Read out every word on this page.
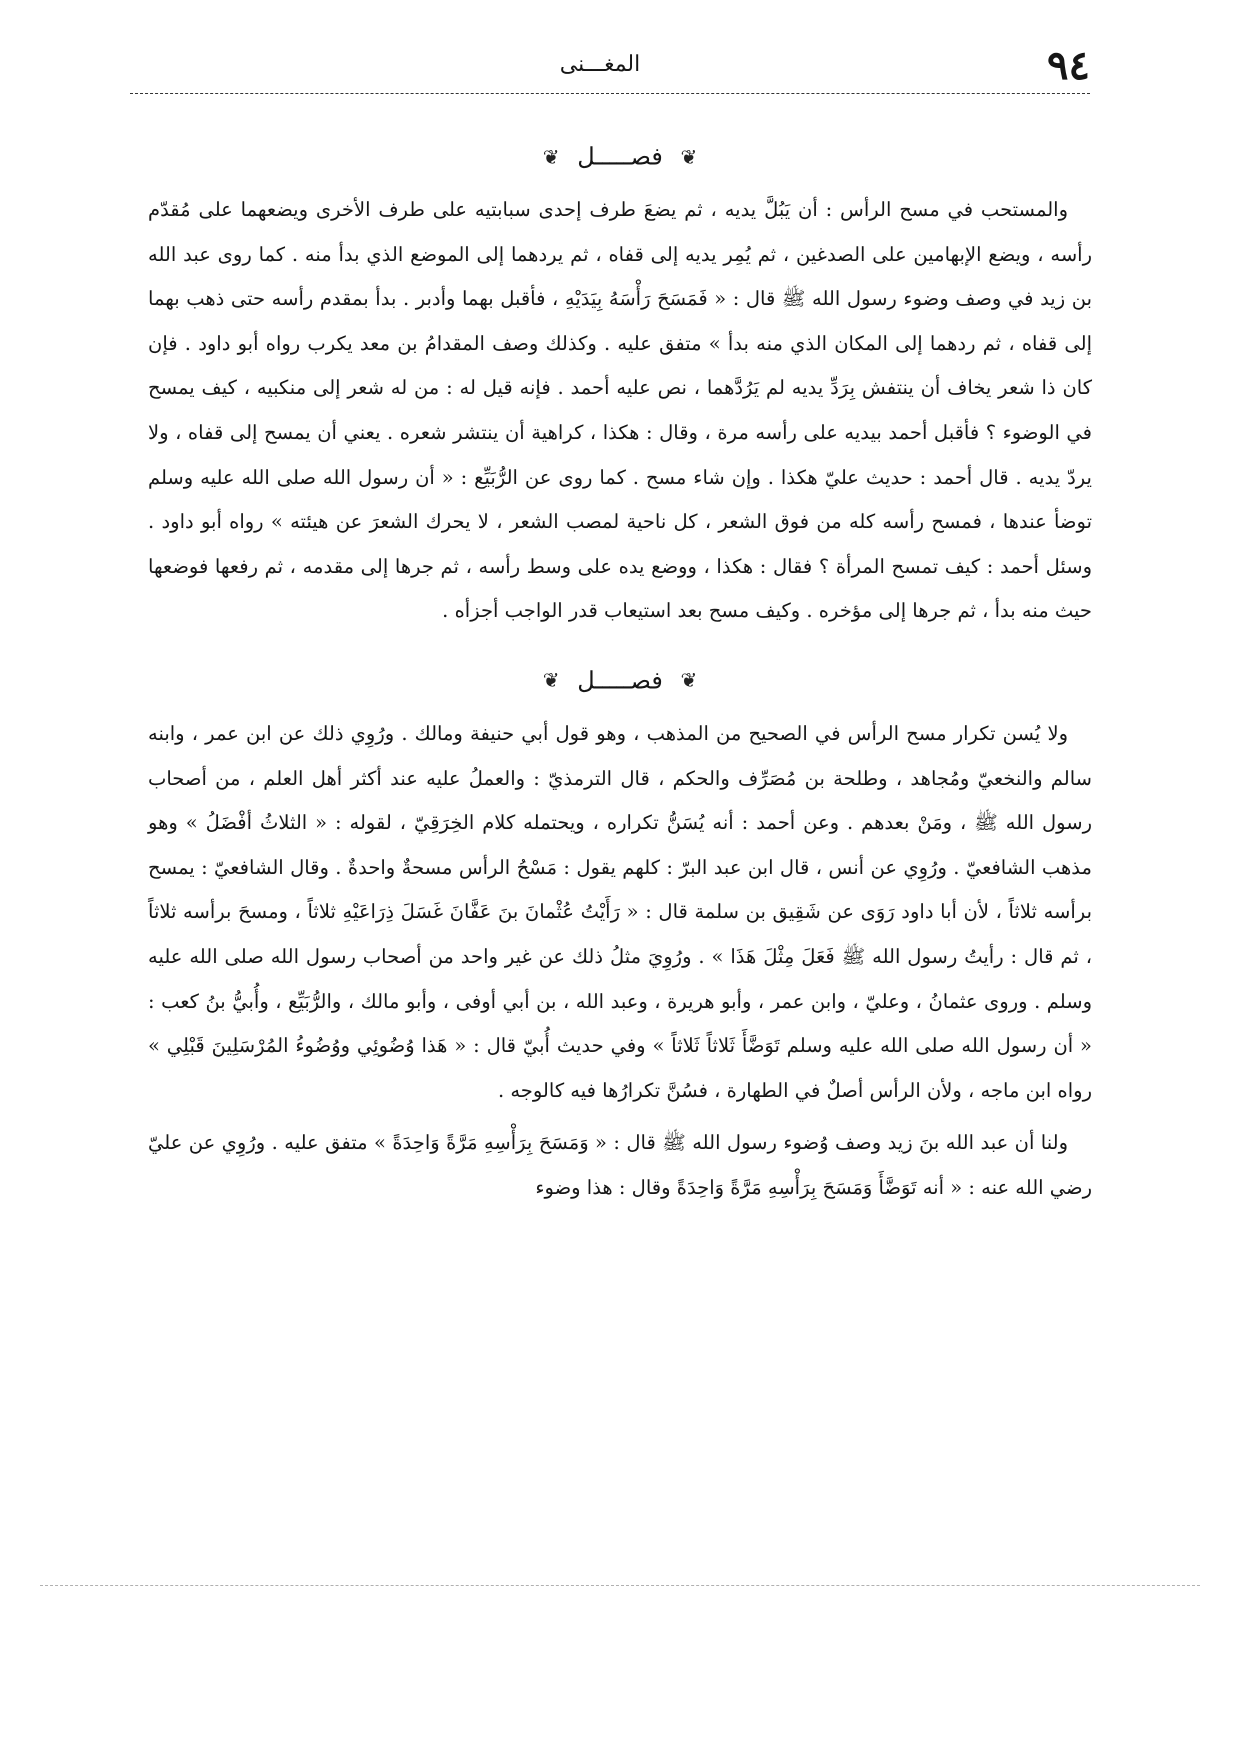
٩٤
المغـــنى
❦ فصـــــل ❦

والمستحب في مسح الرأس : أن يَبُلَّ يديه ، ثم يضعَ طرف إحدى سبابتيه على طرف الأخرى ويضعهما على مُقدّم رأسه ، ويضع الإبهامين على الصدغين ، ثم يُمِر يديه إلى قفاه ، ثم يردهما إلى الموضع الذي بدأ منه . كما روى عبد الله بن زيد في وصف وضوء رسول الله ﷺ قال : « فَمَسَحَ رَأْسَهُ بِيَدَيْهِ ، فأقبل بهما وأدبر . بدأ بمقدم رأسه حتى ذهب بهما إلى قفاه ، ثم ردهما إلى المكان الذي منه بدأ » متفق عليه . وكذلك وصف المقدامُ بن معد يكرب رواه أبو داود . فإن كان ذا شعر يخاف أن ينتفش بِرَدِّ يديه لم يَرُدَّهما ، نص عليه أحمد . فإنه قيل له : من له شعر إلى منكبيه ، كيف يمسح في الوضوء ؟ فأقبل أحمد بيديه على رأسه مرة ، وقال : هكذا ، كراهية أن ينتشر شعره . يعني أن يمسح إلى قفاه ، ولا يردّ يديه . قال أحمد : حديث عليّ هكذا . وإن شاء مسح . كما روى عن الرُّبَيِّع : « أن رسول الله صلى الله عليه وسلم توضأ عندها ، فمسح رأسه كله من فوق الشعر ، كل ناحية لمصب الشعر ، لا يحرك الشعرَ عن هيئته » رواه أبو داود . وسئل أحمد : كيف تمسح المرأة ؟ فقال : هكذا ، ووضع يده على وسط رأسه ، ثم جرها إلى مقدمه ، ثم رفعها فوضعها حيث منه بدأ ، ثم جرها إلى مؤخره . وكيف مسح بعد استيعاب قدر الواجب أجزأه .

❦ فصـــــل ❦

ولا يُسن تكرار مسح الرأس في الصحيح من المذهب ، وهو قول أبي حنيفة ومالك . ورُوِي ذلك عن ابن عمر ، وابنه سالم والنخعيّ ومُجاهد ، وطلحة بن مُصَرِّف والحكم ، قال الترمذيّ : والعملُ عليه عند أكثر أهل العلم ، من أصحاب رسول الله ﷺ ، ومَنْ بعدهم . وعن أحمد : أنه يُسَنُّ تكراره ، ويحتمله كلام الخِرَقِيّ ، لقوله : « الثلاثُ أفْضَلُ » وهو مذهب الشافعيّ . ورُوِي عن أنس ، قال ابن عبد البرّ : كلهم يقول : مَسْحُ الرأس مسحةٌ واحدةٌ . وقال الشافعيّ : يمسح برأسه ثلاثاً ، لأن أبا داود رَوَى عن شَقِيق بن سلمة قال : « رَأَيْتُ عُثْمانَ بنَ عَفَّانَ غَسَلَ ذِرَاعَيْهِ ثلاثاً ، ومسحَ برأسه ثلاثاً ، ثم قال : رأيتُ رسول الله ﷺ فَعَلَ مِثْلَ هَذَا » . ورُوِيَ مثلُ ذلك عن غير واحد من أصحاب رسول الله صلى الله عليه وسلم . وروى عثمانُ ، وعليّ ، وابن عمر ، وأبو هريرة ، وعبد الله ، بن أبي أوفى ، وأبو مالك ، والرُّبَيِّع ، وأُبيُّ بنُ كعب : « أن رسول الله صلى الله عليه وسلم تَوَضَّأَ ثَلاثاً ثَلاثاً » وفي حديث أُبيّ قال : « هَذا وُضُوئِي ووُضُوءُ المُرْسَلِينَ قَبْلِي » رواه ابن ماجه ، ولأن الرأس أصلٌ في الطهارة ، فسُنَّ تكرارُها فيه كالوجه .

ولنا أن عبد الله بنَ زيد وصف وُضوء رسول الله ﷺ قال : « وَمَسَحَ بِرَأْسِهِ مَرَّةً وَاحِدَةً » متفق عليه . ورُوِي عن عليّ رضي الله عنه : « أنه تَوَضَّأَ وَمَسَحَ بِرَأْسِهِ مَرَّةً وَاحِدَةً وقال : هذا وضوء
